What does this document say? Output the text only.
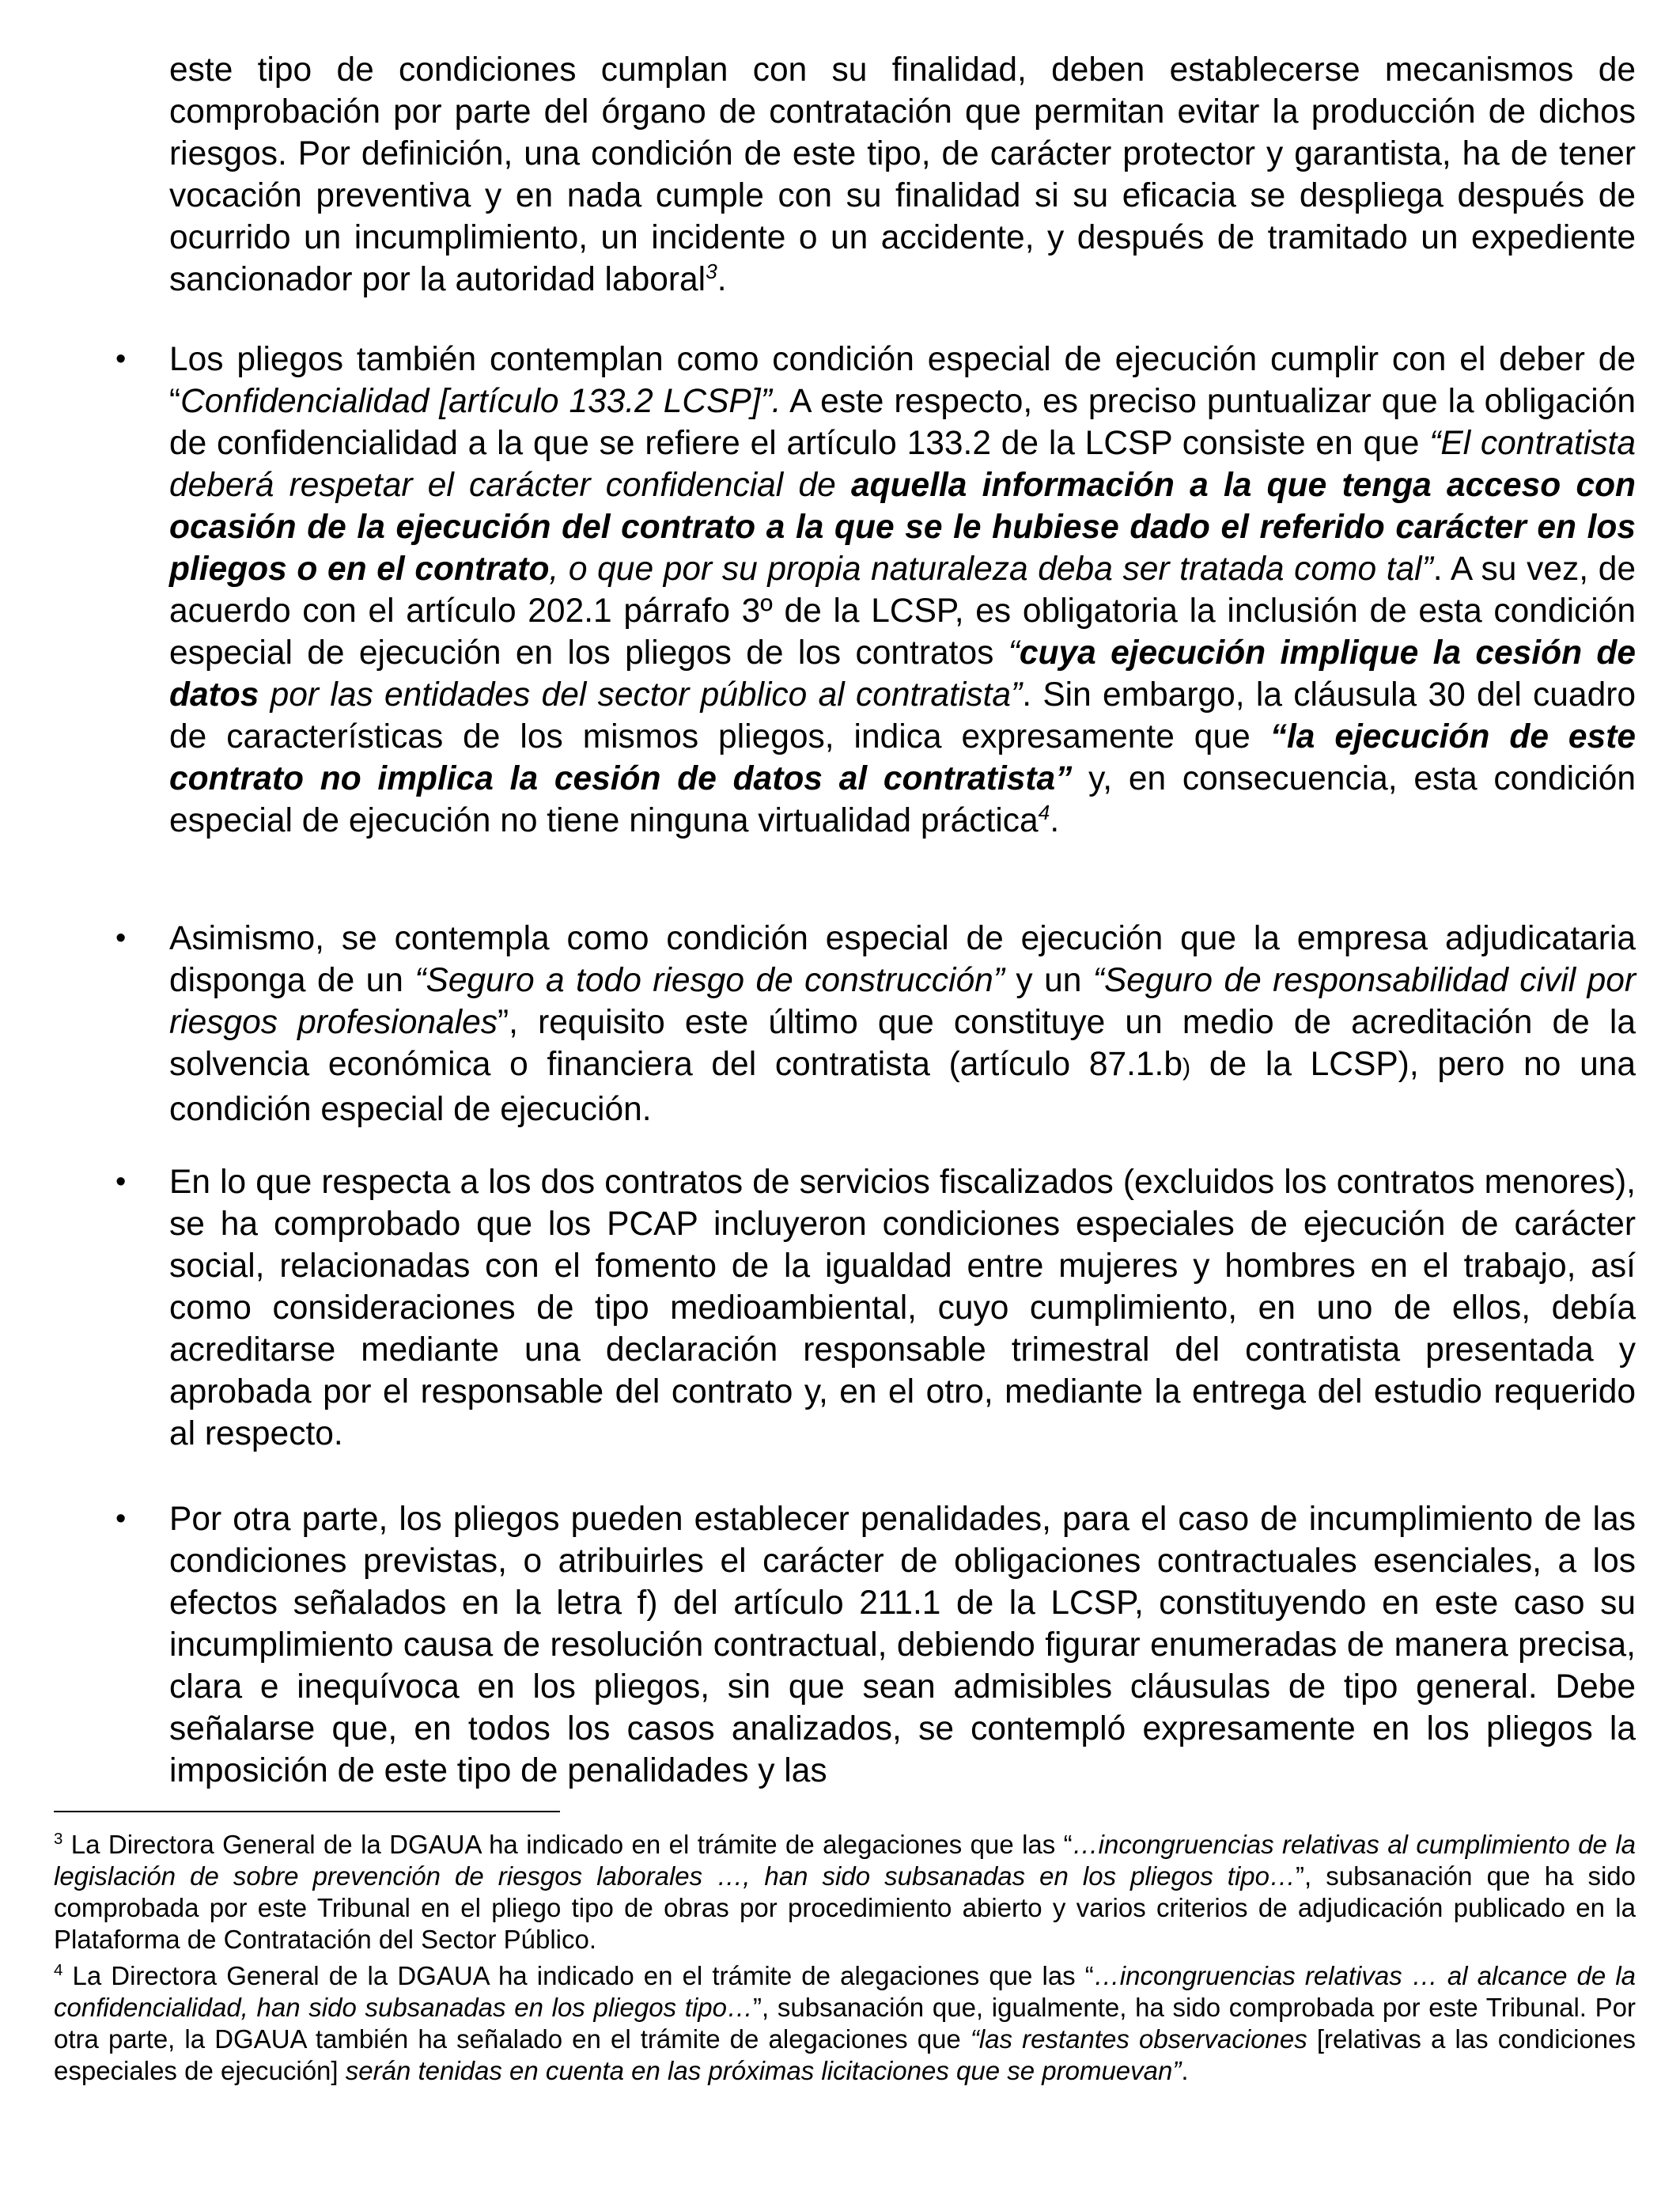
este tipo de condiciones cumplan con su finalidad, deben establecerse mecanismos de comprobación por parte del órgano de contratación que permitan evitar la producción de dichos riesgos. Por definición, una condición de este tipo, de carácter protector y garantista, ha de tener vocación preventiva y en nada cumple con su finalidad si su eficacia se despliega después de ocurrido un incumplimiento, un incidente o un accidente, y después de tramitado un expediente sancionador por la autoridad laboral$^3$.

• Los pliegos también contemplan como condición especial de ejecución cumplir con el deber de “Confidencialidad [artículo 133.2 LCSP]”. A este respecto, es preciso puntualizar que la obligación de confidencialidad a la que se refiere el artículo 133.2 de la LCSP consiste en que “El contratista deberá respetar el carácter confidencial de aquella información a la que tenga acceso con ocasión de la ejecución del contrato a la que se le hubiese dado el referido carácter en los pliegos o en el contrato, o que por su propia naturaleza deba ser tratada como tal”. A su vez, de acuerdo con el artículo 202.1 párrafo 3º de la LCSP, es obligatoria la inclusión de esta condición especial de ejecución en los pliegos de los contratos “cuya ejecución implique la cesión de datos por las entidades del sector público al contratista”. Sin embargo, la cláusula 30 del cuadro de características de los mismos pliegos, indica expresamente que “la ejecución de este contrato no implica la cesión de datos al contratista” y, en consecuencia, esta condición especial de ejecución no tiene ninguna virtualidad práctica$^4$.
• Asimismo, se contempla como condición especial de ejecución que la empresa adjudicataria disponga de un “Seguro a todo riesgo de construcción” y un “Seguro de responsabilidad civil por riesgos profesionales”, requisito este último que constituye un medio de acreditación de la solvencia económica o financiera del contratista (artículo 87.1.b) de la LCSP), pero no una condición especial de ejecución.
• En lo que respecta a los dos contratos de servicios fiscalizados (excluidos los contratos menores), se ha comprobado que los PCAP incluyeron condiciones especiales de ejecución de carácter social, relacionadas con el fomento de la igualdad entre mujeres y hombres en el trabajo, así como consideraciones de tipo medioambiental, cuyo cumplimiento, en uno de ellos, debía acreditarse mediante una declaración responsable trimestral del contratista presentada y aprobada por el responsable del contrato y, en el otro, mediante la entrega del estudio requerido al respecto.
• Por otra parte, los pliegos pueden establecer penalidades, para el caso de incumplimiento de las condiciones previstas, o atribuirles el carácter de obligaciones contractuales esenciales, a los efectos señalados en la letra f) del artículo 211.1 de la LCSP, constituyendo en este caso su incumplimiento causa de resolución contractual, debiendo figurar enumeradas de manera precisa, clara e inequívoca en los pliegos, sin que sean admisibles cláusulas de tipo general. Debe señalarse que, en todos los casos analizados, se contempló expresamente en los pliegos la imposición de este tipo de penalidades y las

$^3$ La Directora General de la DGAUA ha indicado en el trámite de alegaciones que las “…incongruencias relativas al cumplimiento de la legislación de sobre prevención de riesgos laborales …, han sido subsanadas en los pliegos tipo…”, subsanación que ha sido comprobada por este Tribunal en el pliego tipo de obras por procedimiento abierto y varios criterios de adjudicación publicado en la Plataforma de Contratación del Sector Público.

$^4$ La Directora General de la DGAUA ha indicado en el trámite de alegaciones que las “…incongruencias relativas … al alcance de la confidencialidad, han sido subsanadas en los pliegos tipo…”, subsanación que, igualmente, ha sido comprobada por este Tribunal. Por otra parte, la DGAUA también ha señalado en el trámite de alegaciones que “las restantes observaciones [relativas a las condiciones especiales de ejecución] serán tenidas en cuenta en las próximas licitaciones que se promuevan”.
